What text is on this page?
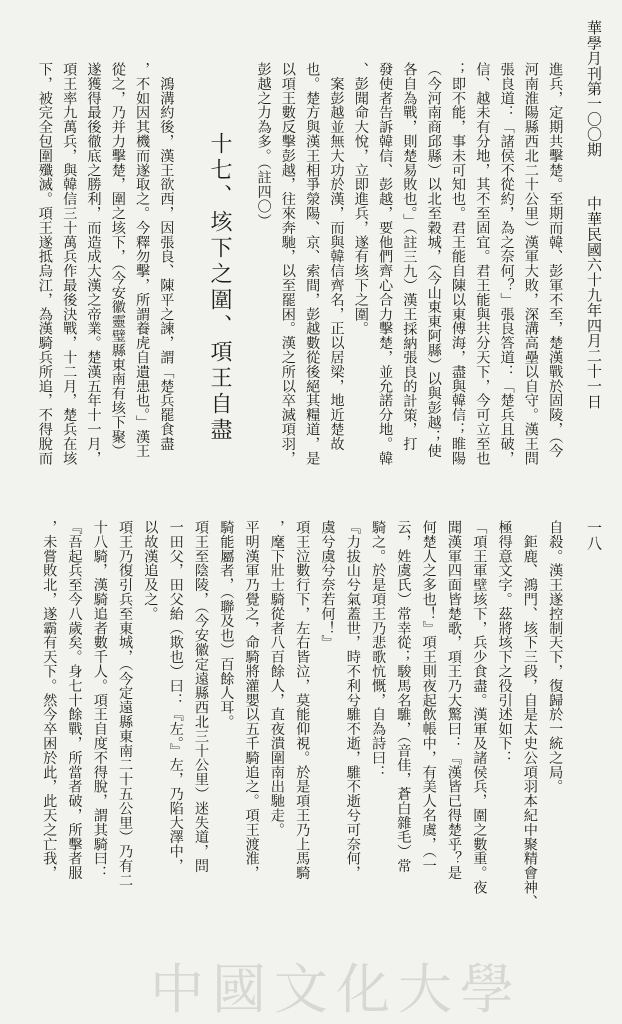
華學月刊第一〇〇期
中華民國六十九年四月二十一日
一八
進兵，定期共擊楚。至期而韓、彭軍不至，楚漢戰於固陵，（今
河南淮陽縣西北二十公里）漢軍大敗，深溝高壘以自守。漢王問
張良道：「諸侯不從約，為之奈何？」張良答道：「楚兵且破，
信、越未有分地，其不至固宜。君王能與共分天下，今可立至也
；即不能，事未可知也。君王能自陳以東傅海，盡與韓信；睢陽
（今河南商邱縣）以北至穀城，（今山東東阿縣）以與彭越；使
各自為戰，則楚易敗也。」（註三九）漢王採納張良的計策，打
發使者告訴韓信、彭越，要他們齊心合力擊楚，並允諾分地。韓
、彭聞命大悅，立即進兵，遂有垓下之圍。
　案彭越並無大功於漢，而與韓信齊名，正以居梁，地近楚故
也。楚方與漢王相爭滎陽、京、索間，彭越數從後絕其糧道，是
以項王數反擊彭越，往來奔馳，以至罷困。漢之所以卒滅項羽，
彭越之力為多。（註四〇）
　鴻溝約後，漢王欲西，因張良、陳平之諫，謂「楚兵罷食盡
，不如因其機而遂取之。今釋勿擊，所謂養虎自遺患也。」漢王
從之，乃并力擊楚，圍之垓下，（今安徽靈璧縣東南有垓下聚）
遂獲得最後徹底之勝利，而造成大漢之帝業。楚漢五年十一月，
項王率九萬兵，與韓信三十萬兵作最後決戰，十二月，楚兵在垓
下，被完全包圍殲滅。項王遂抵烏江，為漢騎兵所追，不得脫而
自殺。漢王遂控制天下，復歸於一統之局。
　鉅鹿、鴻門、垓下三段，自是太史公項羽本紀中聚精會神、
極得意文字。茲將垓下之役引述如下：
「項王軍壁垓下，兵少食盡。漢軍及諸侯兵，圍之數重。夜
聞漢軍四面皆楚歌，項王乃大驚曰：『漢皆已得楚乎？是
何楚人之多也！』項王則夜起飲帳中，有美人名虞，（一
云，姓虞氏）常幸從；駿馬名騅，（音佳，蒼白雜毛）常
騎之。於是項王乃悲歌忼慨，自為詩曰：
『力拔山兮氣蓋世，時不利兮騅不逝，騅不逝兮可奈何，
虞兮虞兮奈若何！』
項王泣數行下，左右皆泣，莫能仰視。於是項王乃上馬騎
，麾下壯士騎從者八百餘人，直夜潰圍南出馳走。
平明漢軍乃覺之，命騎將灌嬰以五千騎追之。項王渡淮，
騎能屬者，（聯及也）百餘人耳。
項王至陰陵，（今安徽定遠縣西北三十公里）迷失道，問
一田父，田父紿（欺也）曰：『左。』左，乃陷大澤中，
以故漢追及之。
項王乃復引兵至東城，（今定遠縣東南二十五公里）乃有二
十八騎，漢騎追者數千人。項王自度不得脫，謂其騎曰：
『吾起兵至今八歲矣。身七十餘戰，所當者破，所擊者服
，未嘗敗北，遂霸有天下。然今卒困於此，此天之亡我，
十七、垓下之圍、項王自盡
中國文化大學
